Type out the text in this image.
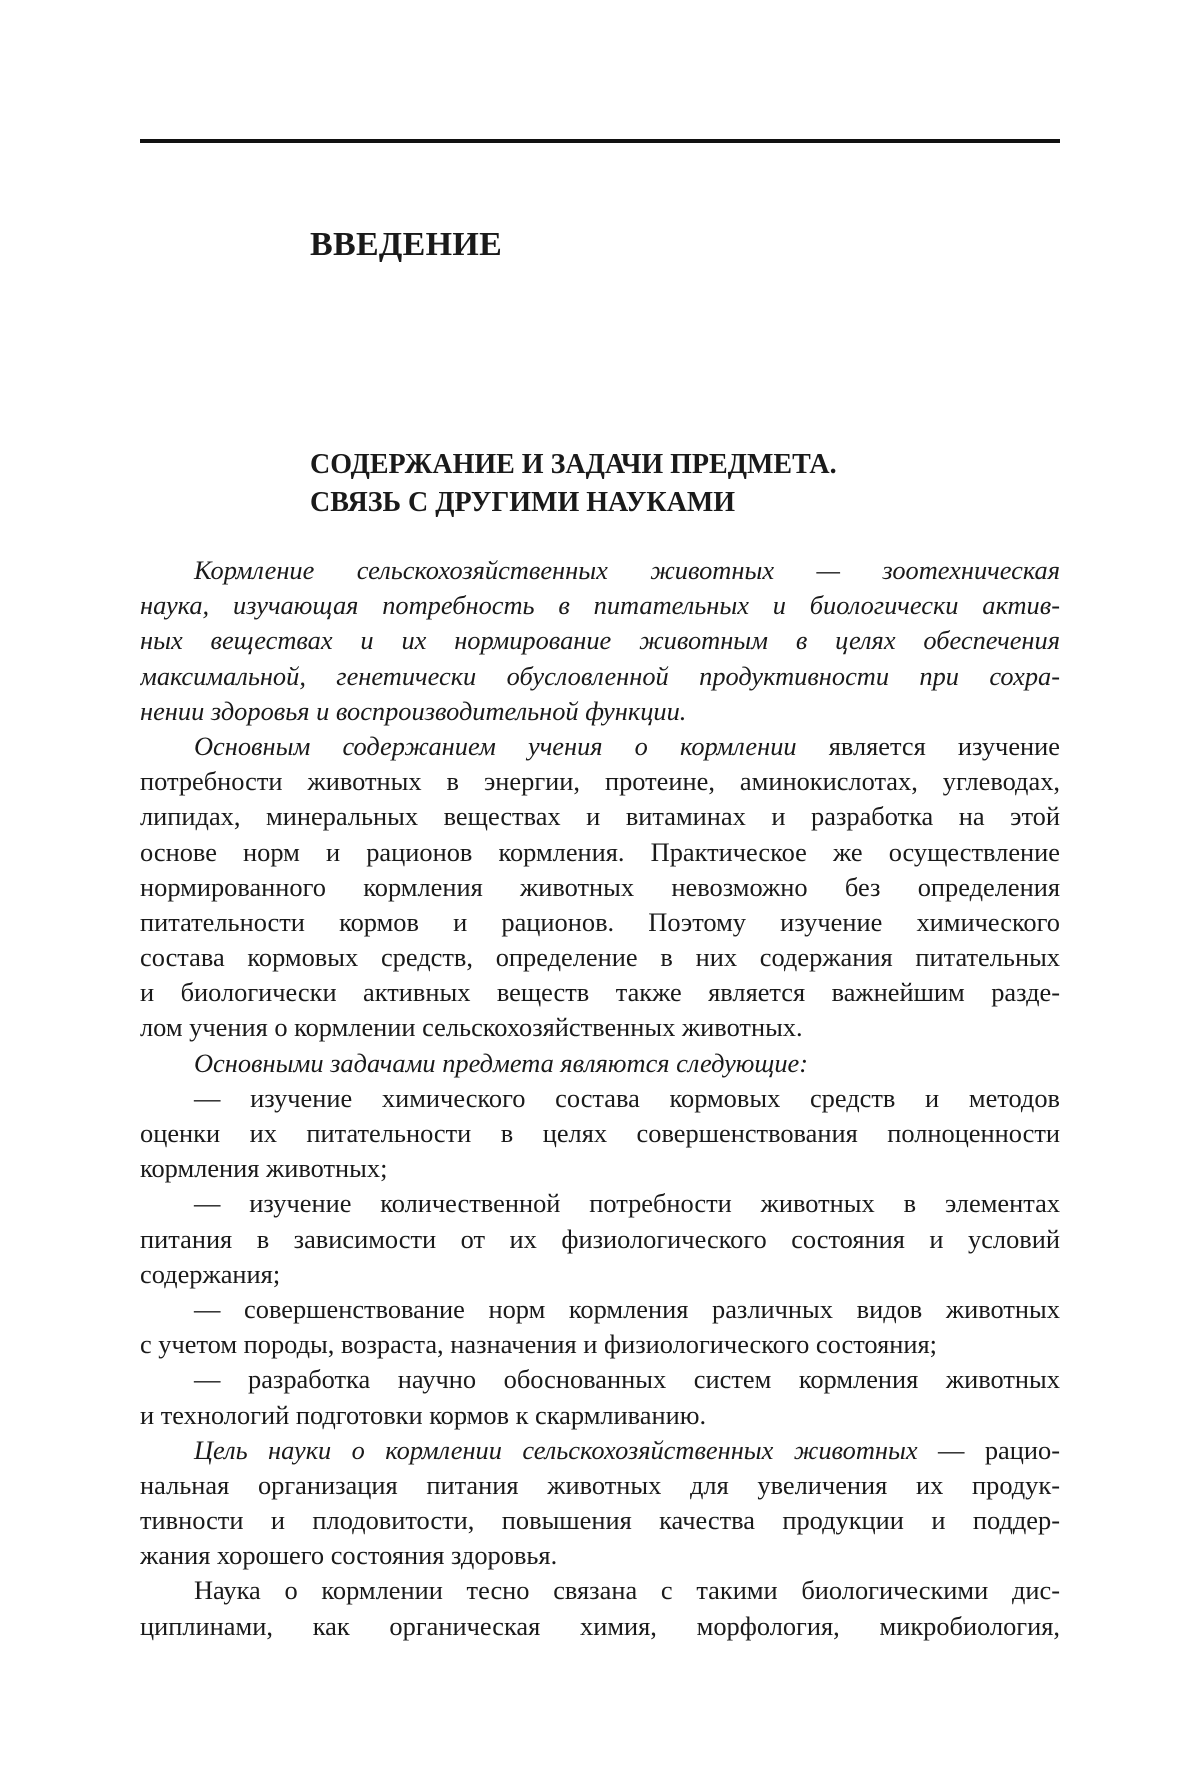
ВВЕДЕНИЕ
СОДЕРЖАНИЕ И ЗАДАЧИ ПРЕДМЕТА.
СВЯЗЬ С ДРУГИМИ НАУКАМИ
Кормление сельскохозяйственных животных — зоотехническая
наука, изучающая потребность в питательных и биологически актив-
ных веществах и их нормирование животным в целях обеспечения
максимальной, генетически обусловленной продуктивности при сохра-
нении здоровья и воспроизводительной функции.
Основным содержанием учения о кормлении является изучение
потребности животных в энергии, протеине, аминокислотах, углеводах,
липидах, минеральных веществах и витаминах и разработка на этой
основе норм и рационов кормления. Практическое же осуществление
нормированного кормления животных невозможно без определения
питательности кормов и рационов. Поэтому изучение химического
состава кормовых средств, определение в них содержания питательных
и биологически активных веществ также является важнейшим разде-
лом учения о кормлении сельскохозяйственных животных.
Основными задачами предмета являются следующие:
— изучение химического состава кормовых средств и методов
оценки их питательности в целях совершенствования полноценности
кормления животных;
— изучение количественной потребности животных в элементах
питания в зависимости от их физиологического состояния и условий
содержания;
— совершенствование норм кормления различных видов животных
с учетом породы, возраста, назначения и физиологического состояния;
— разработка научно обоснованных систем кормления животных
и технологий подготовки кормов к скармливанию.
Цель науки о кормлении сельскохозяйственных животных — рацио-
нальная организация питания животных для увеличения их продук-
тивности и плодовитости, повышения качества продукции и поддер-
жания хорошего состояния здоровья.
Наука о кормлении тесно связана с такими биологическими дис-
циплинами, как органическая химия, морфология, микробиология,
